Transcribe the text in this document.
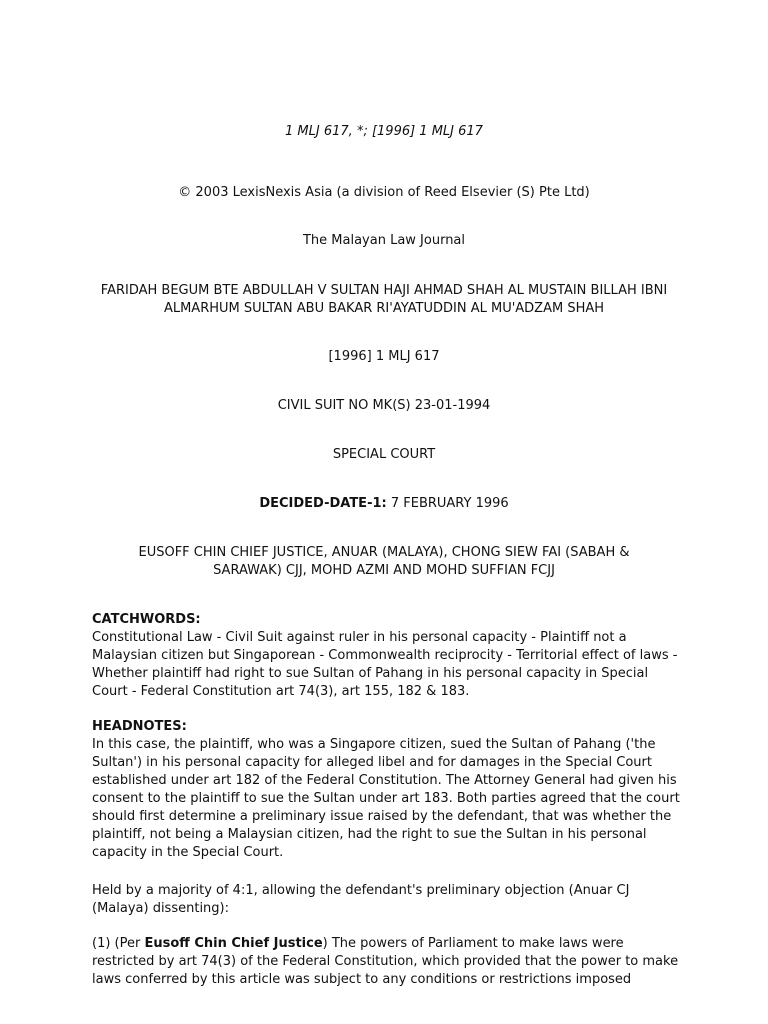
1 MLJ 617, *; [1996] 1 MLJ 617
© 2003 LexisNexis Asia (a division of Reed Elsevier (S) Pte Ltd)
The Malayan Law Journal
FARIDAH BEGUM BTE ABDULLAH V SULTAN HAJI AHMAD SHAH AL MUSTAIN BILLAH IBNI
ALMARHUM SULTAN ABU BAKAR RI'AYATUDDIN AL MU'ADZAM SHAH
[1996] 1 MLJ 617
CIVIL SUIT NO MK(S) 23-01-1994
SPECIAL COURT
DECIDED-DATE-1: 7 FEBRUARY 1996
EUSOFF CHIN CHIEF JUSTICE, ANUAR (MALAYA), CHONG SIEW FAI (SABAH &
SARAWAK) CJJ, MOHD AZMI AND MOHD SUFFIAN FCJJ
CATCHWORDS:
Constitutional Law - Civil Suit against ruler in his personal capacity - Plaintiff not a Malaysian citizen but Singaporean - Commonwealth reciprocity - Territorial effect of laws - Whether plaintiff had right to sue Sultan of Pahang in his personal capacity in Special Court - Federal Constitution art 74(3), art 155, 182 & 183.
HEADNOTES:
In this case, the plaintiff, who was a Singapore citizen, sued the Sultan of Pahang ('the Sultan') in his personal capacity for alleged libel and for damages in the Special Court established under art 182 of the Federal Constitution. The Attorney General had given his consent to the plaintiff to sue the Sultan under art 183. Both parties agreed that the court should first determine a preliminary issue raised by the defendant, that was whether the plaintiff, not being a Malaysian citizen, had the right to sue the Sultan in his personal capacity in the Special Court.
Held by a majority of 4:1, allowing the defendant's preliminary objection (Anuar CJ (Malaya) dissenting):
(1) (Per Eusoff Chin Chief Justice) The powers of Parliament to make laws were restricted by art 74(3) of the Federal Constitution, which provided that the power to make laws conferred by this article was subject to any conditions or restrictions imposed
